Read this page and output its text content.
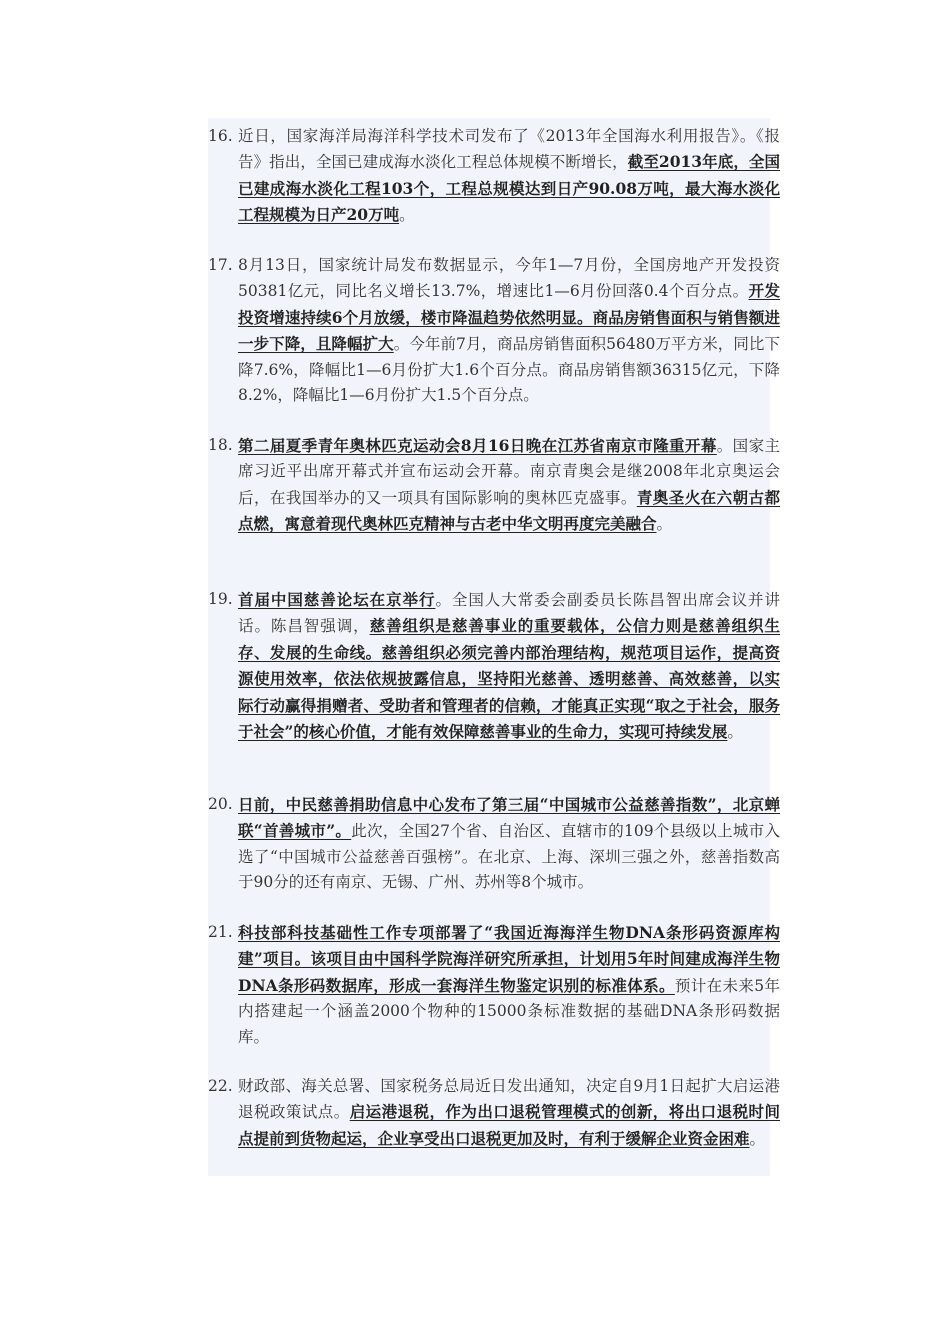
16. 近日，国家海洋局海洋科学技术司发布了《2013年全国海水利用报告》。《报告》指出，全国已建成海水淡化工程总体规模不断增长，截至2013年底，全国已建成海水淡化工程103个，工程总规模达到日产90.08万吨，最大海水淡化工程规模为日产20万吨。
17. 8月13日，国家统计局发布数据显示，今年1—7月份，全国房地产开发投资50381亿元，同比名义增长13.7%，增速比1—6月份回落0.4个百分点。开发投资增速持续6个月放缓，楼市降温趋势依然明显。商品房销售面积与销售额进一步下降，且降幅扩大。今年前7月，商品房销售面积56480万平方米，同比下降7.6%，降幅比1—6月份扩大1.6个百分点。商品房销售额36315亿元，下降8.2%，降幅比1—6月份扩大1.5个百分点。
18. 第二届夏季青年奥林匹克运动会8月16日晚在江苏省南京市隆重开幕。国家主席习近平出席开幕式并宣布运动会开幕。南京青奥会是继2008年北京奥运会后，在我国举办的又一项具有国际影响的奥林匹克盛事。青奥圣火在六朝古都点燃，寓意着现代奥林匹克精神与古老中华文明再度完美融合。
19. 首届中国慈善论坛在京举行。全国人大常委会副委员长陈昌智出席会议并讲话。陈昌智强调，慈善组织是慈善事业的重要载体，公信力则是慈善组织生存、发展的生命线。慈善组织必须完善内部治理结构，规范项目运作，提高资源使用效率，依法依规披露信息，坚持阳光慈善、透明慈善、高效慈善，以实际行动赢得捐赠者、受助者和管理者的信赖，才能真正实现“取之于社会，服务于社会”的核心价值，才能有效保障慈善事业的生命力，实现可持续发展。
20. 日前，中民慈善捐助信息中心发布了第三届“中国城市公益慈善指数”，北京蝉联“首善城市”。此次，全国27个省、自治区、直辖市的109个县级以上城市入选了“中国城市公益慈善百强榜”。在北京、上海、深圳三强之外，慈善指数高于90分的还有南京、无锡、广州、苏州等8个城市。
21. 科技部科技基础性工作专项部署了“我国近海海洋生物DNA条形码资源库构建”项目。该项目由中国科学院海洋研究所承担，计划用5年时间建成海洋生物DNA条形码数据库，形成一套海洋生物鉴定识别的标准体系。预计在未来5年内搭建起一个涵盖2000个物种的15000条标准数据的基础DNA条形码数据库。
22. 财政部、海关总署、国家税务总局近日发出通知，决定自9月1日起扩大启运港退税政策试点。启运港退税，作为出口退税管理模式的创新，将出口退税时间点提前到货物起运，企业享受出口退税更加及时，有利于缓解企业资金困难。
